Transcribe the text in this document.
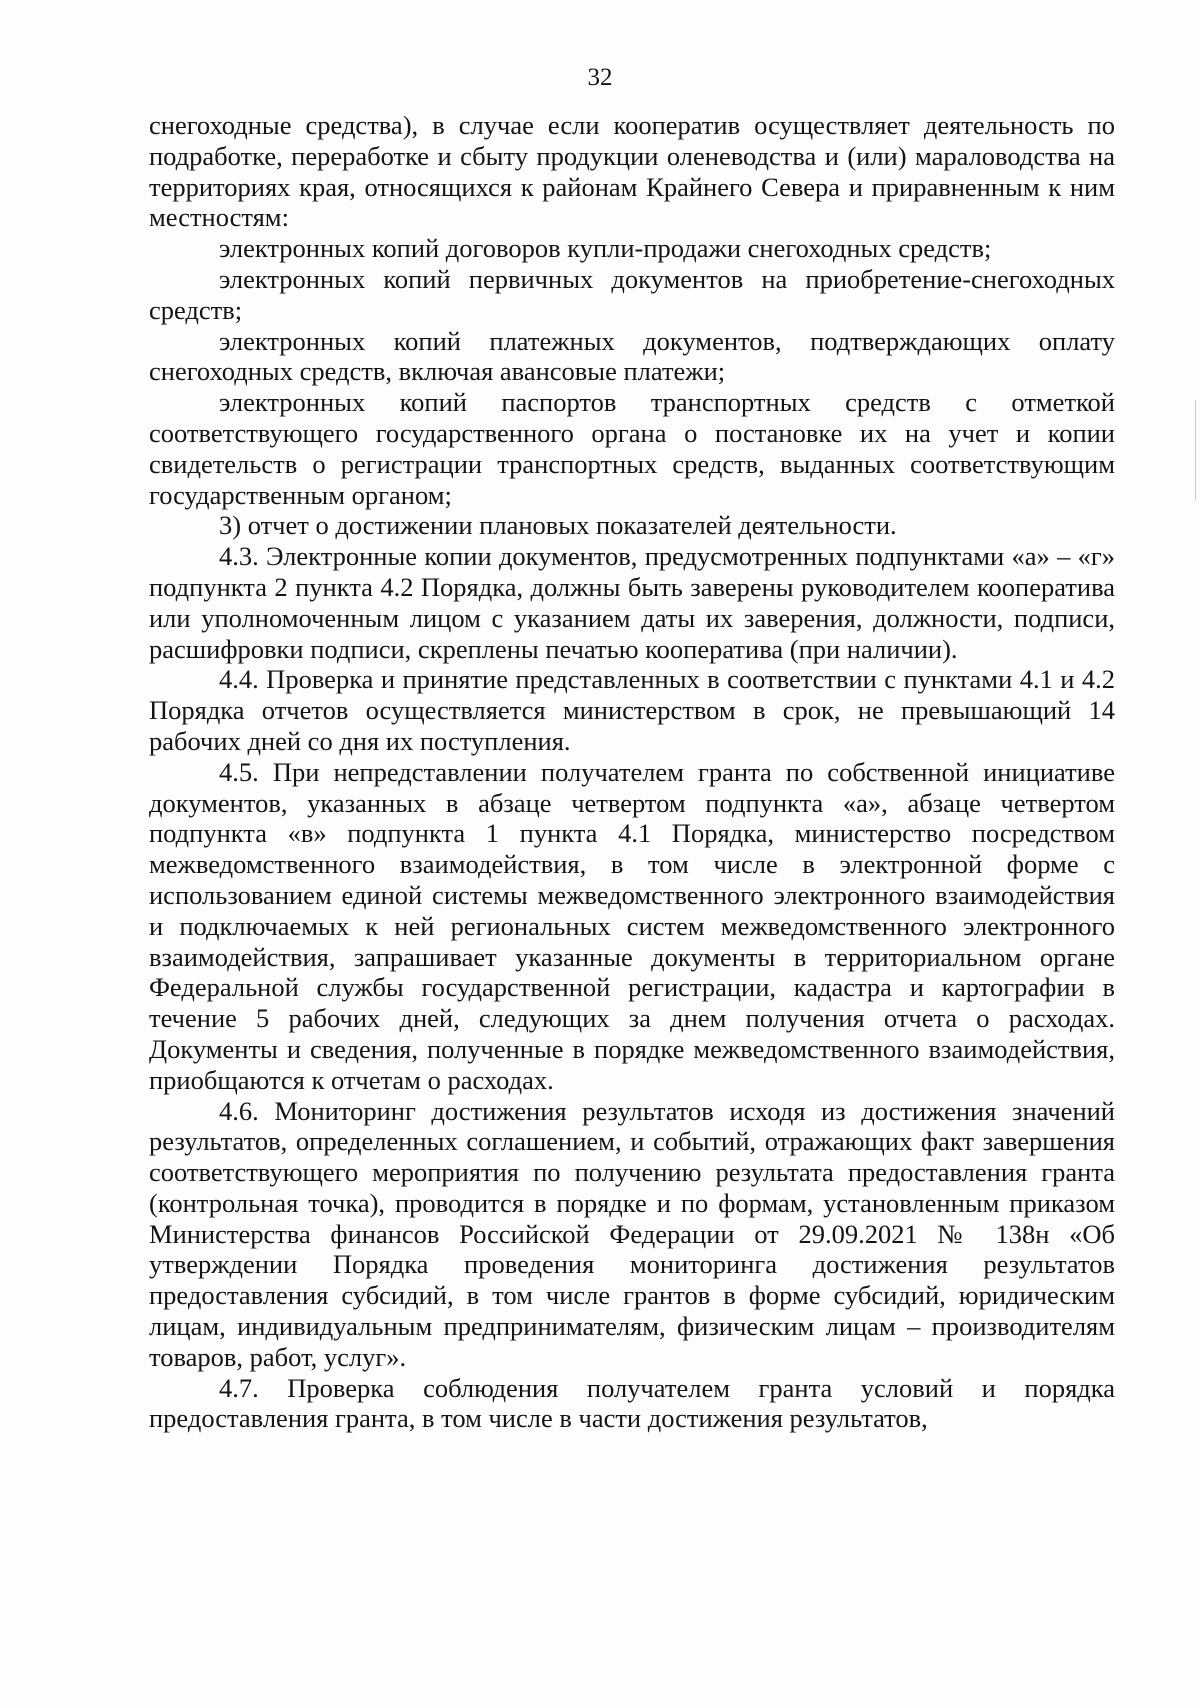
32

снегоходные средства), в случае если кооператив осуществляет деятельность по подработке, переработке и сбыту продукции оленеводства и (или) мараловодства на территориях края, относящихся к районам Крайнего Севера и приравненным к ним местностям:

электронных копий договоров купли-продажи снегоходных средств;

электронных копий первичных документов на приобретение-снегоходных средств;

электронных копий платежных документов, подтверждающих оплату снегоходных средств, включая авансовые платежи;

электронных копий паспортов транспортных средств с отметкой соответствующего государственного органа о постановке их на учет и копии свидетельств о регистрации транспортных средств, выданных соответствующим государственным органом;

3) отчет о достижении плановых показателей деятельности.

4.3. Электронные копии документов, предусмотренных подпунктами «а» – «г» подпункта 2 пункта 4.2 Порядка, должны быть заверены руководителем кооператива или уполномоченным лицом с указанием даты их заверения, должности, подписи, расшифровки подписи, скреплены печатью кооператива (при наличии).

4.4. Проверка и принятие представленных в соответствии с пунктами 4.1 и 4.2 Порядка отчетов осуществляется министерством в срок, не превышающий 14 рабочих дней со дня их поступления.

4.5. При непредставлении получателем гранта по собственной инициативе документов, указанных в абзаце четвертом подпункта «а», абзаце четвертом подпункта «в» подпункта 1 пункта 4.1 Порядка, министерство посредством межведомственного взаимодействия, в том числе в электронной форме с использованием единой системы межведомственного электронного взаимодействия и подключаемых к ней региональных систем межведомственного электронного взаимодействия, запрашивает указанные документы в территориальном органе Федеральной службы государственной регистрации, кадастра и картографии в течение 5 рабочих дней, следующих за днем получения отчета о расходах. Документы и сведения, полученные в порядке межведомственного взаимодействия, приобщаются к отчетам о расходах.

4.6. Мониторинг достижения результатов исходя из достижения значений результатов, определенных соглашением, и событий, отражающих факт завершения соответствующего мероприятия по получению результата предоставления гранта (контрольная точка), проводится в порядке и по формам, установленным приказом Министерства финансов Российской Федерации от 29.09.2021 № 138н «Об утверждении Порядка проведения мониторинга достижения результатов предоставления субсидий, в том числе грантов в форме субсидий, юридическим лицам, индивидуальным предпринимателям, физическим лицам – производителям товаров, работ, услуг».

4.7. Проверка соблюдения получателем гранта условий и порядка предоставления гранта, в том числе в части достижения результатов,
